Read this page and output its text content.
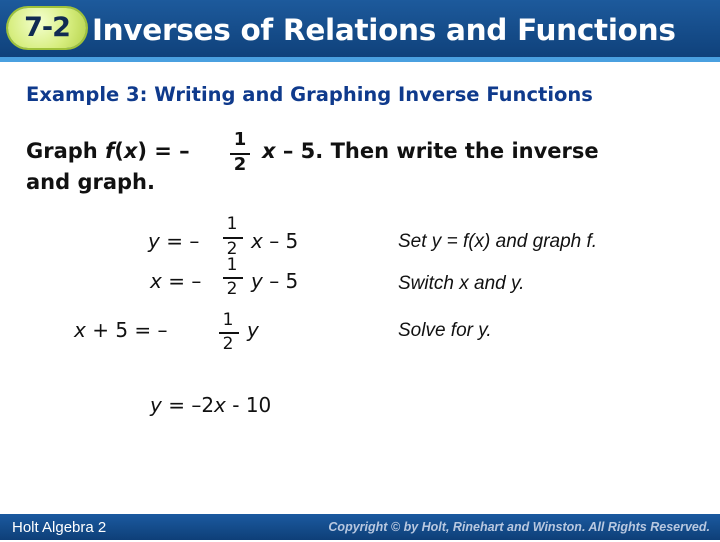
7-2 Inverses of Relations and Functions
Example 3: Writing and Graphing Inverse Functions
Graph f(x) = – 1
2
x – 5. Then write the inverse
and graph.
y = –
1
2 x – 5	Set y = f(x) and graph f.
x = –
1
2 y – 5	Switch x and y.
x + 5 = –	1
2
y	Solve for y.
y = –2x - 10
Holt Algebra 2	Copyright © by Holt, Rinehart and Winston. All Rights Reserved.
